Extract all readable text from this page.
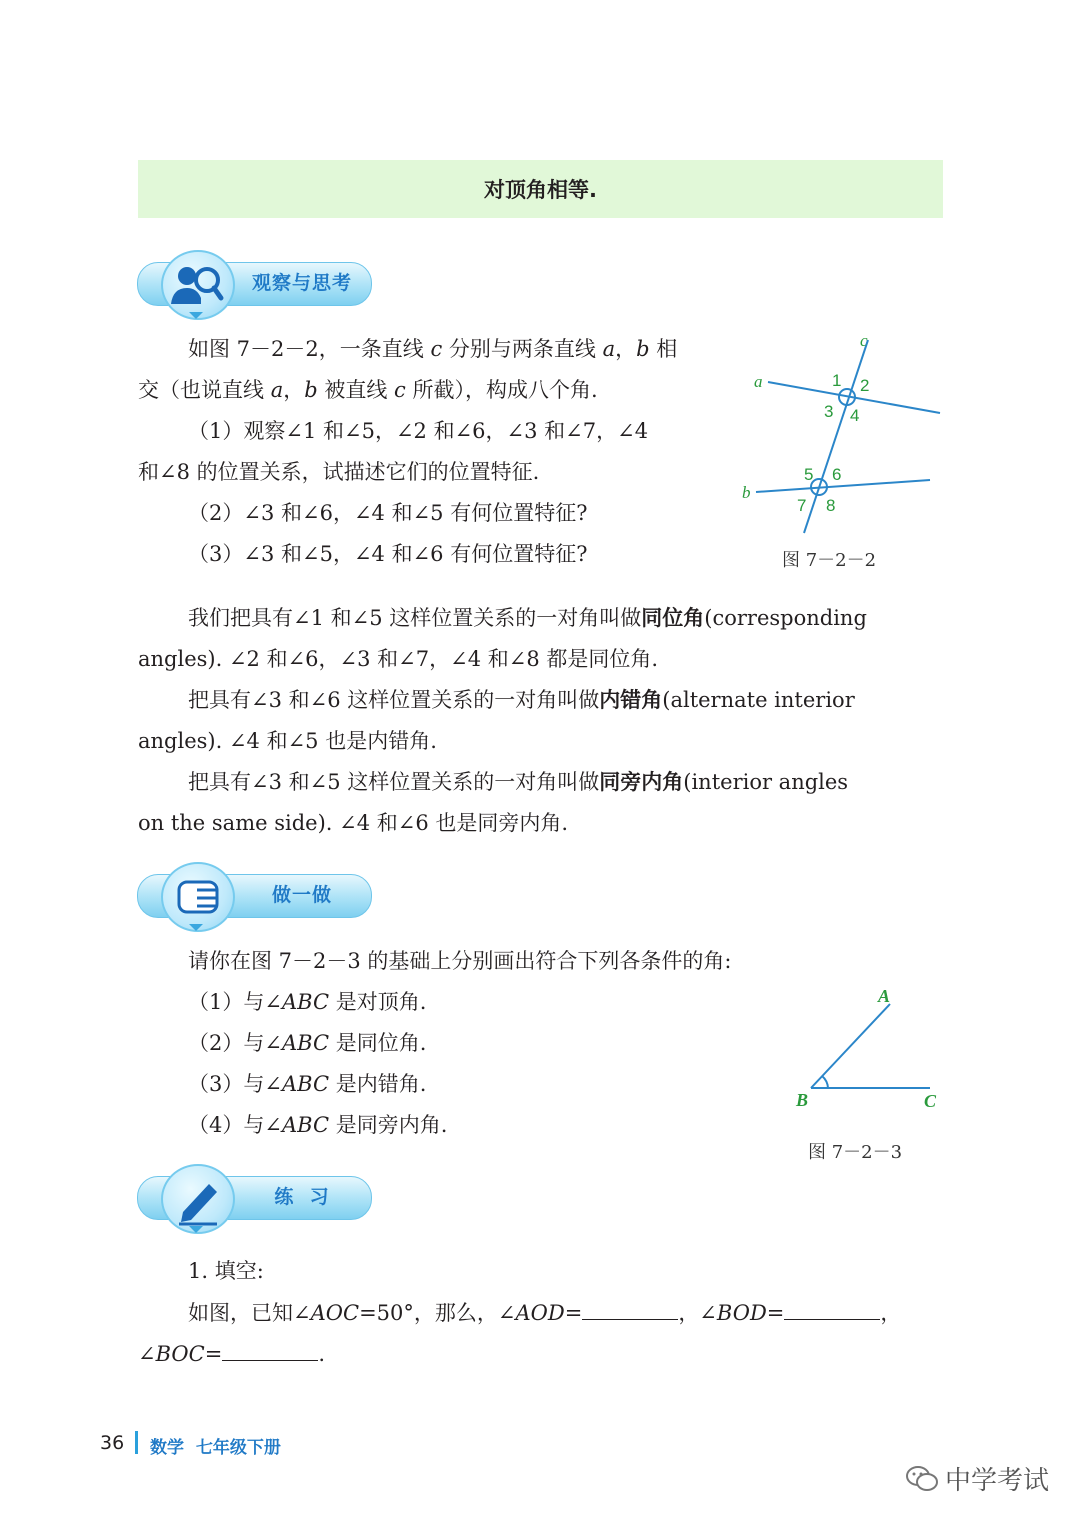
对顶角相等.
观察与思考
如图 7－2－2，一条直线 c 分别与两条直线 a，b 相
交（也说直线 a，b 被直线 c 所截），构成八个角.
（1）观察∠1 和∠5，∠2 和∠6，∠3 和∠7，∠4
和∠8 的位置关系，试描述它们的位置特征.
（2）∠3 和∠6，∠4 和∠5 有何位置特征?
（3）∠3 和∠5，∠4 和∠6 有何位置特征?
a
b
c
1 2
3 4
5 6
7 8
图 7－2－2
我们把具有∠1 和∠5 这样位置关系的一对角叫做同位角(corresponding
angles). ∠2 和∠6，∠3 和∠7，∠4 和∠8 都是同位角.
把具有∠3 和∠6 这样位置关系的一对角叫做内错角(alternate interior
angles). ∠4 和∠5 也是内错角.
把具有∠3 和∠5 这样位置关系的一对角叫做同旁内角(interior angles
on the same side). ∠4 和∠6 也是同旁内角.
做一做
请你在图 7－2－3 的基础上分别画出符合下列各条件的角:
（1）与∠ABC 是对顶角.
（2）与∠ABC 是同位角.
（3）与∠ABC 是内错角.
（4）与∠ABC 是同旁内角.
A
B	C
图 7－2－3
练  习
1. 填空:
如图，已知∠AOC=50°，那么，∠AOD=	，∠BOD=	，
∠BOC=	.
36 数学  七年级下册
中学考试
